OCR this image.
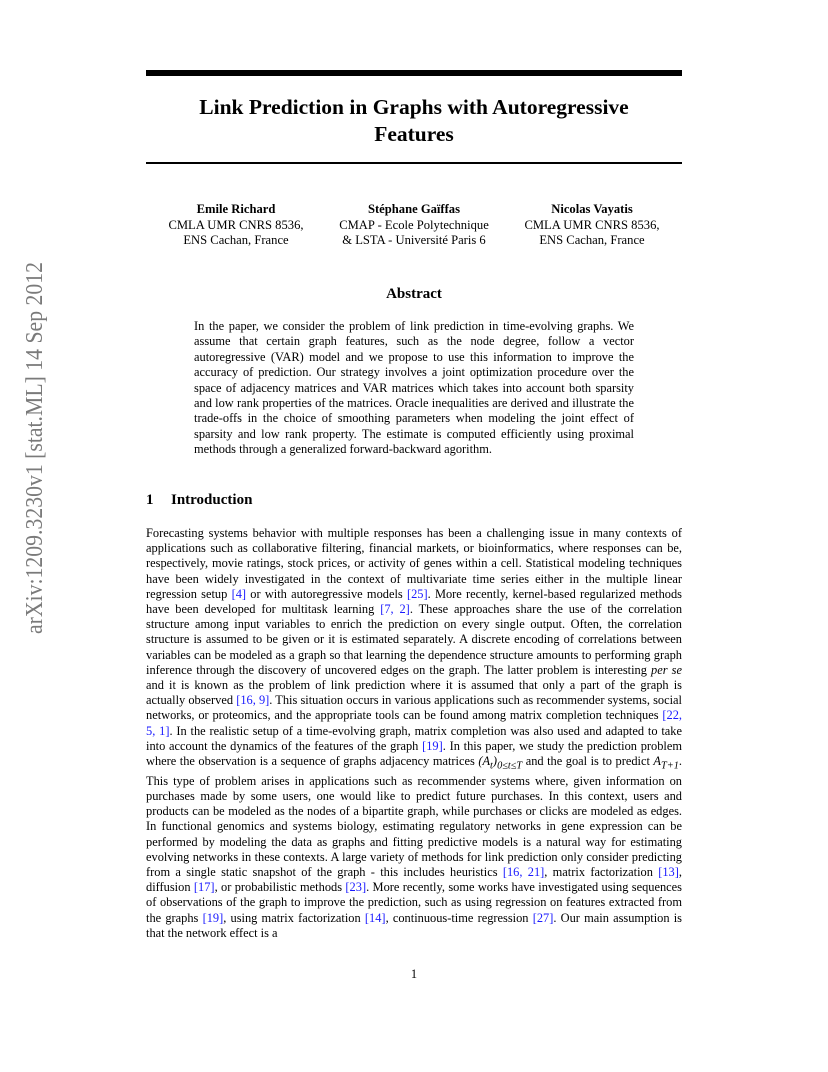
arXiv:1209.3230v1 [stat.ML] 14 Sep 2012
Link Prediction in Graphs with Autoregressive
Features
Emile Richard
CMLA UMR CNRS 8536,
ENS Cachan, France
Stéphane Gaïffas
CMAP - Ecole Polytechnique
& LSTA - Université Paris 6
Nicolas Vayatis
CMLA UMR CNRS 8536,
ENS Cachan, France
Abstract

In the paper, we consider the problem of link prediction in time-evolving graphs. We assume that certain graph features, such as the node degree, follow a vector autoregressive (VAR) model and we propose to use this information to improve the accuracy of prediction. Our strategy involves a joint optimization procedure over the space of adjacency matrices and VAR matrices which takes into account both sparsity and low rank properties of the matrices. Oracle inequalities are derived and illustrate the trade-offs in the choice of smoothing parameters when modeling the joint effect of sparsity and low rank property. The estimate is computed efficiently using proximal methods through a generalized forward-backward agorithm.

1 Introduction

Forecasting systems behavior with multiple responses has been a challenging issue in many contexts of applications such as collaborative filtering, financial markets, or bioinformatics, where responses can be, respectively, movie ratings, stock prices, or activity of genes within a cell. Statistical modeling techniques have been widely investigated in the context of multivariate time series either in the multiple linear regression setup [4] or with autoregressive models [25]. More recently, kernel-based regularized methods have been developed for multitask learning [7, 2]. These approaches share the use of the correlation structure among input variables to enrich the prediction on every single output. Often, the correlation structure is assumed to be given or it is estimated separately. A discrete encoding of correlations between variables can be modeled as a graph so that learning the dependence structure amounts to performing graph inference through the discovery of uncovered edges on the graph. The latter problem is interesting per se and it is known as the problem of link prediction where it is assumed that only a part of the graph is actually observed [16, 9]. This situation occurs in various applications such as recommender systems, social networks, or proteomics, and the appropriate tools can be found among matrix completion techniques [22, 5, 1]. In the realistic setup of a time-evolving graph, matrix completion was also used and adapted to take into account the dynamics of the features of the graph [19]. In this paper, we study the prediction problem where the observation is a sequence of graphs adjacency matrices $(A_t)_{0\le t\le T}$ and the goal is to predict $A_{T+1}$. This type of problem arises in applications such as recommender systems where, given information on purchases made by some users, one would like to predict future purchases. In this context, users and products can be modeled as the nodes of a bipartite graph, while purchases or clicks are modeled as edges. In functional genomics and systems biology, estimating regulatory networks in gene expression can be performed by modeling the data as graphs and fitting predictive models is a natural way for estimating evolving networks in these contexts. A large variety of methods for link prediction only consider predicting from a single static snapshot of the graph - this includes heuristics [16, 21], matrix factorization [13], diffusion [17], or probabilistic methods [23]. More recently, some works have investigated using sequences of observations of the graph to improve the prediction, such as using regression on features extracted from the graphs [19], using matrix factorization [14], continuous-time regression [27]. Our main assumption is that the network effect is a

1
